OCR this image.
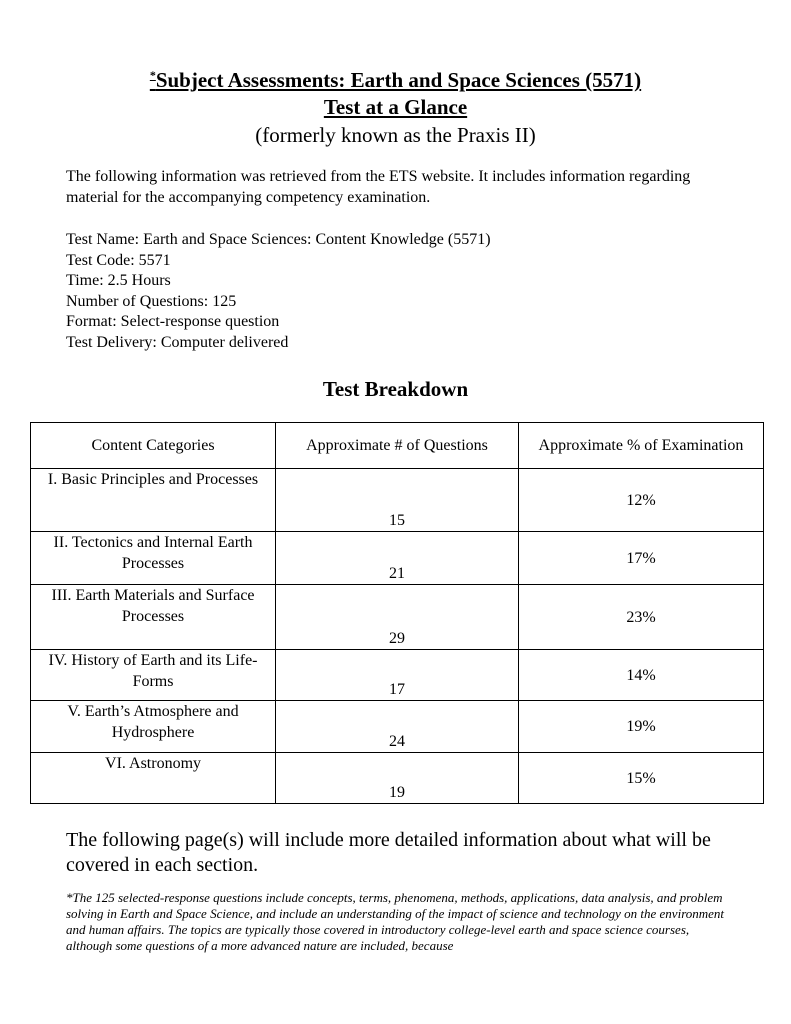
*Subject Assessments: Earth and Space Sciences (5571)
Test at a Glance
(formerly known as the Praxis II)
The following information was retrieved from the ETS website. It includes information regarding material for the accompanying competency examination.
Test Name: Earth and Space Sciences: Content Knowledge (5571)
Test Code: 5571
Time: 2.5 Hours
Number of Questions: 125
Format: Select-response question
Test Delivery: Computer delivered
Test Breakdown
Content Categories	Approximate # of Questions	Approximate % of Examination
I. Basic Principles and Processes	15	12%
II. Tectonics and Internal Earth Processes	21	17%
III. Earth Materials and Surface Processes	29	23%
IV. History of Earth and its Life-Forms	17	14%
V. Earth’s Atmosphere and Hydrosphere	24	19%
VI. Astronomy	19	15%
The following page(s) will include more detailed information about what will be covered in each section.
*The 125 selected-response questions include concepts, terms, phenomena, methods, applications, data analysis, and problem solving in Earth and Space Science, and include an understanding of the impact of science and technology on the environment and human affairs. The topics are typically those covered in introductory college-level earth and space science courses, although some questions of a more advanced nature are included, because
